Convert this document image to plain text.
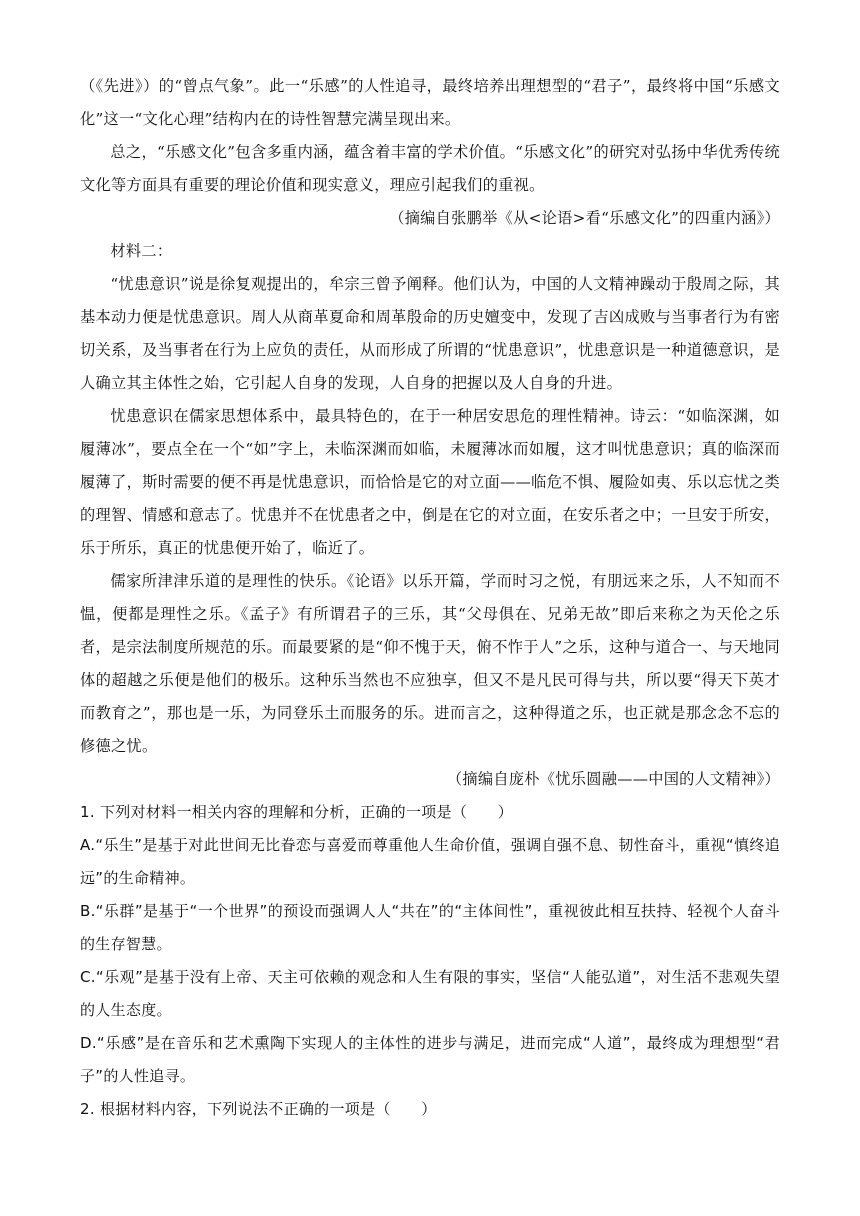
（《先进》）的“曾点气象”。此一“乐感”的人性追寻，最终培养出理想型的“君子”，最终将中国“乐感文化”这一“文化心理”结构内在的诗性智慧完满呈现出来。

总之，“乐感文化”包含多重内涵，蕴含着丰富的学术价值。“乐感文化”的研究对弘扬中华优秀传统文化等方面具有重要的理论价值和现实意义，理应引起我们的重视。

（摘编自张鹏举《从<论语>看“乐感文化”的四重内涵》）

材料二：

“忧患意识”说是徐复观提出的，牟宗三曾予阐释。他们认为，中国的人文精神躁动于殷周之际，其基本动力便是忧患意识。周人从商革夏命和周革殷命的历史嬗变中，发现了吉凶成败与当事者行为有密切关系，及当事者在行为上应负的责任，从而形成了所谓的“忧患意识”，忧患意识是一种道德意识，是人确立其主体性之始，它引起人自身的发现，人自身的把握以及人自身的升进。

忧患意识在儒家思想体系中，最具特色的，在于一种居安思危的理性精神。诗云：“如临深渊，如履薄冰”，要点全在一个“如”字上，未临深渊而如临，未履薄冰而如履，这才叫忧患意识；真的临深而履薄了，斯时需要的便不再是忧患意识，而恰恰是它的对立面——临危不惧、履险如夷、乐以忘忧之类的理智、情感和意志了。忧患并不在忧患者之中，倒是在它的对立面，在安乐者之中；一旦安于所安，乐于所乐，真正的忧患便开始了，临近了。

儒家所津津乐道的是理性的快乐。《论语》以乐开篇，学而时习之悦，有朋远来之乐，人不知而不愠，便都是理性之乐。《孟子》有所谓君子的三乐，其“父母俱在、兄弟无故”即后来称之为天伦之乐者，是宗法制度所规范的乐。而最要紧的是“仰不愧于天，俯不怍于人”之乐，这种与道合一、与天地同体的超越之乐便是他们的极乐。这种乐当然也不应独享，但又不是凡民可得与共，所以要“得天下英才而教育之”，那也是一乐，为同登乐土而服务的乐。进而言之，这种得道之乐，也正就是那念念不忘的修德之忧。

（摘编自庞朴《忧乐圆融——中国的人文精神》）

1. 下列对材料一相关内容的理解和分析，正确的一项是（　　）

A.“乐生”是基于对此世间无比眷恋与喜爱而尊重他人生命价值，强调自强不息、韧性奋斗，重视“慎终追远”的生命精神。

B.“乐群”是基于“一个世界”的预设而强调人人“共在”的“主体间性”，重视彼此相互扶持、轻视个人奋斗的生存智慧。

C.“乐观”是基于没有上帝、天主可依赖的观念和人生有限的事实，坚信“人能弘道”，对生活不悲观失望的人生态度。

D.“乐感”是在音乐和艺术熏陶下实现人的主体性的进步与满足，进而完成“人道”，最终成为理想型“君子”的人性追寻。

2. 根据材料内容，下列说法不正确的一项是（　　）
